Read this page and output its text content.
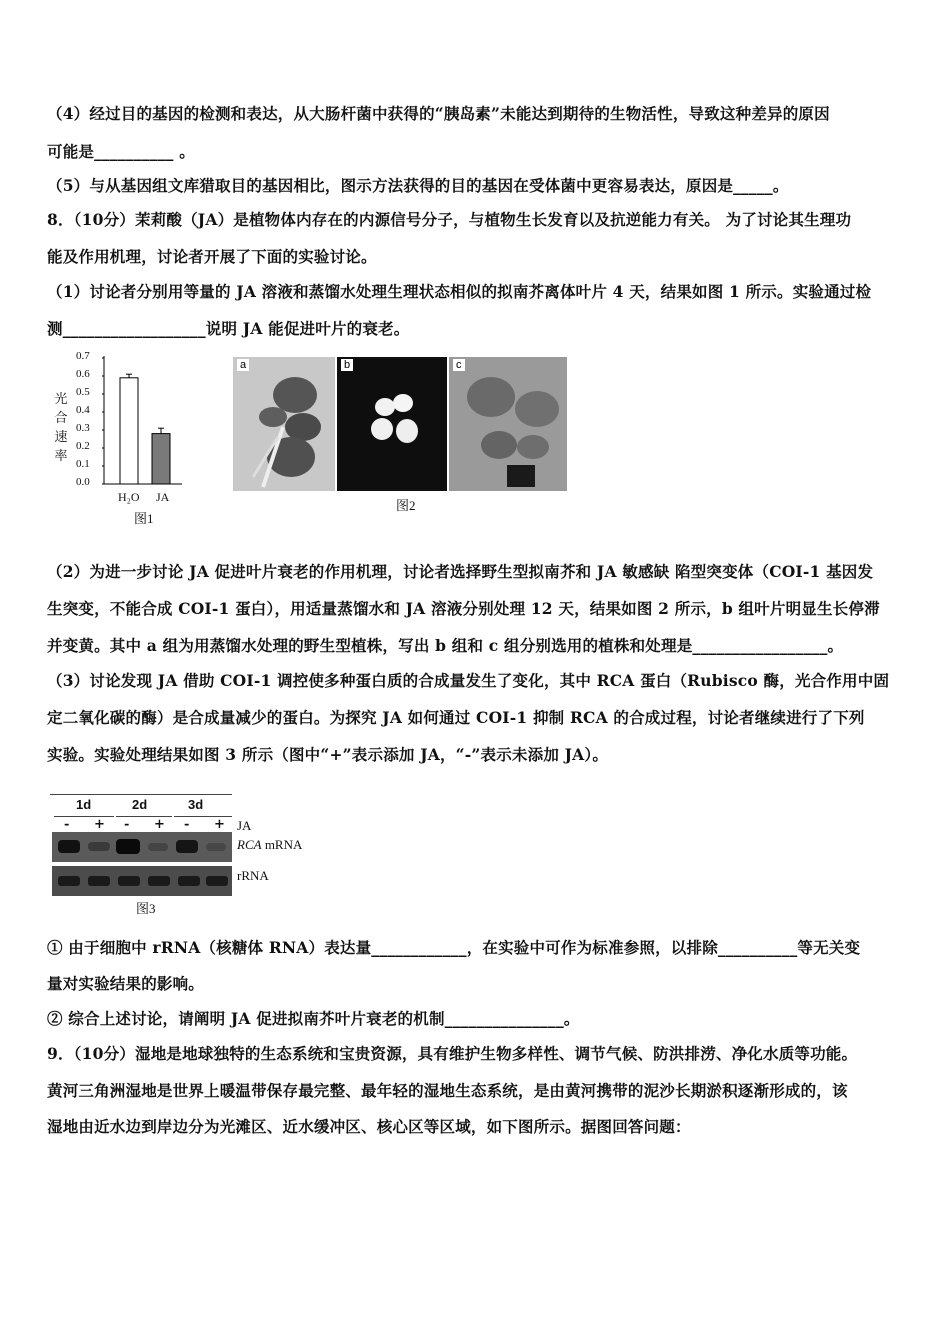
（4）经过目的基因的检测和表达，从大肠杆菌中获得的“胰岛素”未能达到期待的生物活性，导致这种差异的原因
可能是__________ 。
（5）与从基因组文库猎取目的基因相比，图示方法获得的目的基因在受体菌中更容易表达，原因是_____。
8．（10分）茉莉酸（JA）是植物体内存在的内源信号分子，与植物生长发育以及抗逆能力有关。 为了讨论其生理功
能及作用机理，讨论者开展了下面的实验讨论。
（1）讨论者分别用等量的 JA 溶液和蒸馏水处理生理状态相似的拟南芥离体叶片 4 天，结果如图 1 所示。实验通过检
测__________________说明 JA 能促进叶片的衰老。
光
合
速
率
0.7
0.6
0.5
0.4
0.3
0.2
0.1
0.0
H₂O JA
图1
a	b	c
图2
（2）为进一步讨论 JA 促进叶片衰老的作用机理，讨论者选择野生型拟南芥和 JA 敏感缺 陷型突变体（COI-1 基因发
生突变，不能合成 COI-1 蛋白），用适量蒸馏水和 JA 溶液分别处理 12 天，结果如图 2 所示，b 组叶片明显生长停滞
并变黄。其中 a 组为用蒸馏水处理的野生型植株，写出 b 组和 c 组分别选用的植株和处理是_________________。
（3）讨论发现 JA 借助 COI-1 调控使多种蛋白质的合成量发生了变化，其中 RCA 蛋白（Rubisco 酶，光合作用中固
定二氧化碳的酶）是合成量减少的蛋白。为探究 JA 如何通过 COI-1 抑制 RCA 的合成过程，讨论者继续进行了下列
实验。实验处理结果如图 3 所示（图中“+”表示添加 JA，“-”表示未添加 JA）。
1d	2d	3d
- + - + - + JA
RCA mRNA
rRNA
图3
① 由于细胞中 rRNA（核糖体 RNA）表达量____________，在实验中可作为标准参照，以排除__________等无关变
量对实验结果的影响。
② 综合上述讨论，请阐明 JA 促进拟南芥叶片衰老的机制_______________。
9．（10分）湿地是地球独特的生态系统和宝贵资源，具有维护生物多样性、调节气候、防洪排涝、净化水质等功能。
黄河三角洲湿地是世界上暖温带保存最完整、最年轻的湿地生态系统，是由黄河携带的泥沙长期淤积逐渐形成的，该
湿地由近水边到岸边分为光滩区、近水缓冲区、核心区等区域，如下图所示。据图回答问题：
